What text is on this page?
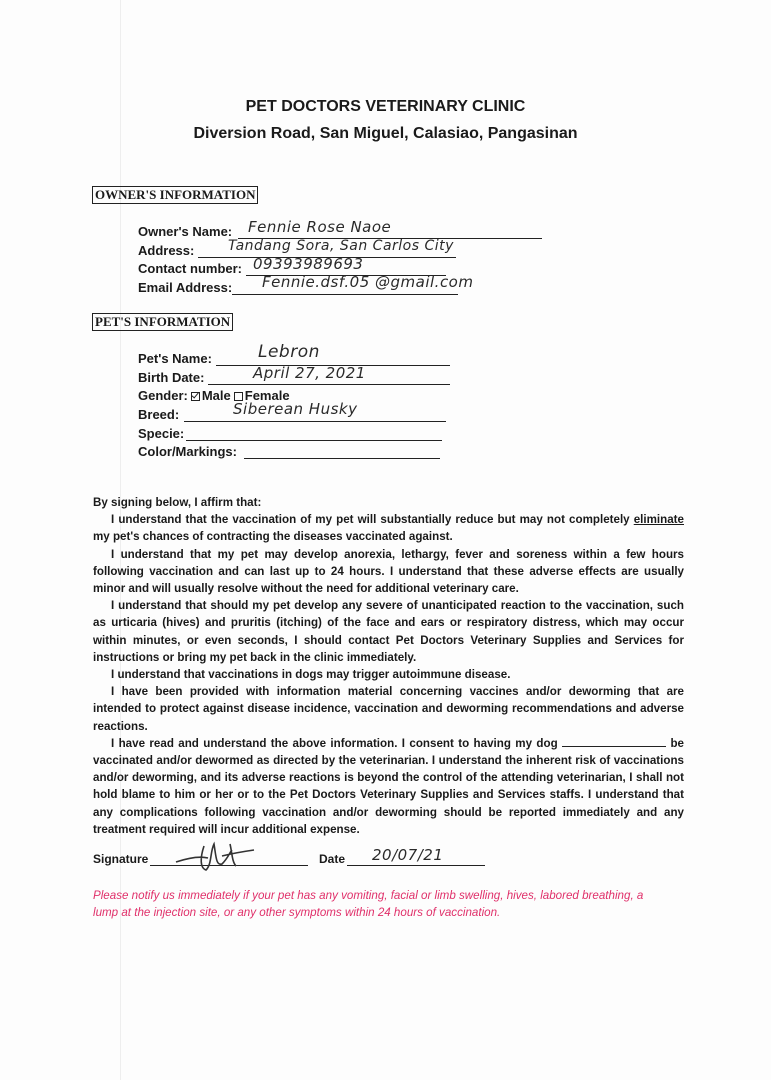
PET DOCTORS VETERINARY CLINIC
Diversion Road, San Miguel, Calasiao, Pangasinan
OWNER'S INFORMATION
Owner's Name: Fennie Rose Naoe
Address: Tandang Sora, San Carlos City
Contact number: 09393989693
Email Address: Fennie.dsf.05 @gmail.com
PET'S INFORMATION
Pet's Name:	Lebron
Birth Date:	April 27, 2021
Gender: Male Female
Breed:	Siberean Husky
Specie:
Color/Markings:

By signing below, I affirm that:

I understand that the vaccination of my pet will substantially reduce but may not completely eliminate my pet's chances of contracting the diseases vaccinated against.

I understand that my pet may develop anorexia, lethargy, fever and soreness within a few hours following vaccination and can last up to 24 hours. I understand that these adverse effects are usually minor and will usually resolve without the need for additional veterinary care.

I understand that should my pet develop any severe of unanticipated reaction to the vaccination, such as urticaria (hives) and pruritis (itching) of the face and ears or respiratory distress, which may occur within minutes, or even seconds, I should contact Pet Doctors Veterinary Supplies and Services for instructions or bring my pet back in the clinic immediately.

I understand that vaccinations in dogs may trigger autoimmune disease.

I have been provided with information material concerning vaccines and/or deworming that are intended to protect against disease incidence, vaccination and deworming recommendations and adverse reactions.

I have read and understand the above information. I consent to having my dog	be vaccinated and/or dewormed as directed by the veterinarian. I understand the inherent risk of vaccinations and/or deworming, and its adverse reactions is beyond the control of the attending veterinarian, I shall not hold blame to him or her or to the Pet Doctors Veterinary Supplies and Services staffs. I understand that any complications following vaccination and/or deworming should be reported immediately and any treatment required will incur additional expense.

Signature	Date 20/07/21
Please notify us immediately if your pet has any vomiting, facial or limb swelling, hives, labored breathing, a lump at the injection site, or any other symptoms within 24 hours of vaccination.
